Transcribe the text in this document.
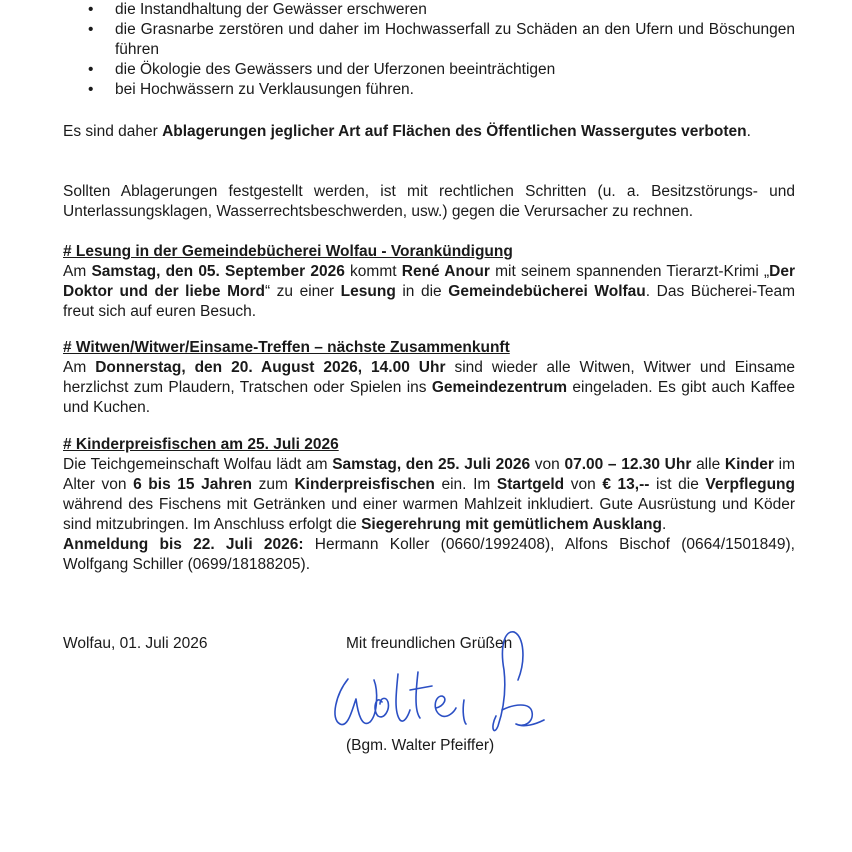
• die Instandhaltung der Gewässer erschweren
• die Grasnarbe zerstören und daher im Hochwasserfall zu Schäden an den Ufern und Böschungen führen
• die Ökologie des Gewässers und der Uferzonen beeinträchtigen
• bei Hochwässern zu Verklausungen führen.

Es sind daher Ablagerungen jeglicher Art auf Flächen des Öffentlichen Wassergutes verboten.

Sollten Ablagerungen festgestellt werden, ist mit rechtlichen Schritten (u. a. Besitzstörungs- und Unterlassungsklagen, Wasserrechtsbeschwerden, usw.) gegen die Verursacher zu rechnen.

# Lesung in der Gemeindebücherei Wolfau - Vorankündigung
Am Samstag, den 05. September 2026 kommt René Anour mit seinem spannenden Tierarzt-Krimi „Der Doktor und der liebe Mord“ zu einer Lesung in die Gemeindebücherei Wolfau. Das Bücherei-Team freut sich auf euren Besuch.
# Witwen/Witwer/Einsame-Treffen – nächste Zusammenkunft
Am Donnerstag, den 20. August 2026, 14.00 Uhr sind wieder alle Witwen, Witwer und Einsame herzlichst zum Plaudern, Tratschen oder Spielen ins Gemeindezentrum eingeladen. Es gibt auch Kaffee und Kuchen.
# Kinderpreisfischen am 25. Juli 2026
Die Teichgemeinschaft Wolfau lädt am Samstag, den 25. Juli 2026 von 07.00 – 12.30 Uhr alle Kinder im Alter von 6 bis 15 Jahren zum Kinderpreisfischen ein. Im Startgeld von € 13,-- ist die Verpflegung während des Fischens mit Getränken und einer warmen Mahlzeit inkludiert. Gute Ausrüstung und Köder sind mitzubringen. Im Anschluss erfolgt die Siegerehrung mit gemütlichem Ausklang.
Anmeldung bis 22. Juli 2026: Hermann Koller (0660/1992408), Alfons Bischof (0664/1501849), Wolfgang Schiller (0699/18188205).
Wolfau, 01. Juli 2026	Mit freundlichen Grüßen
(Bgm. Walter Pfeiffer)
